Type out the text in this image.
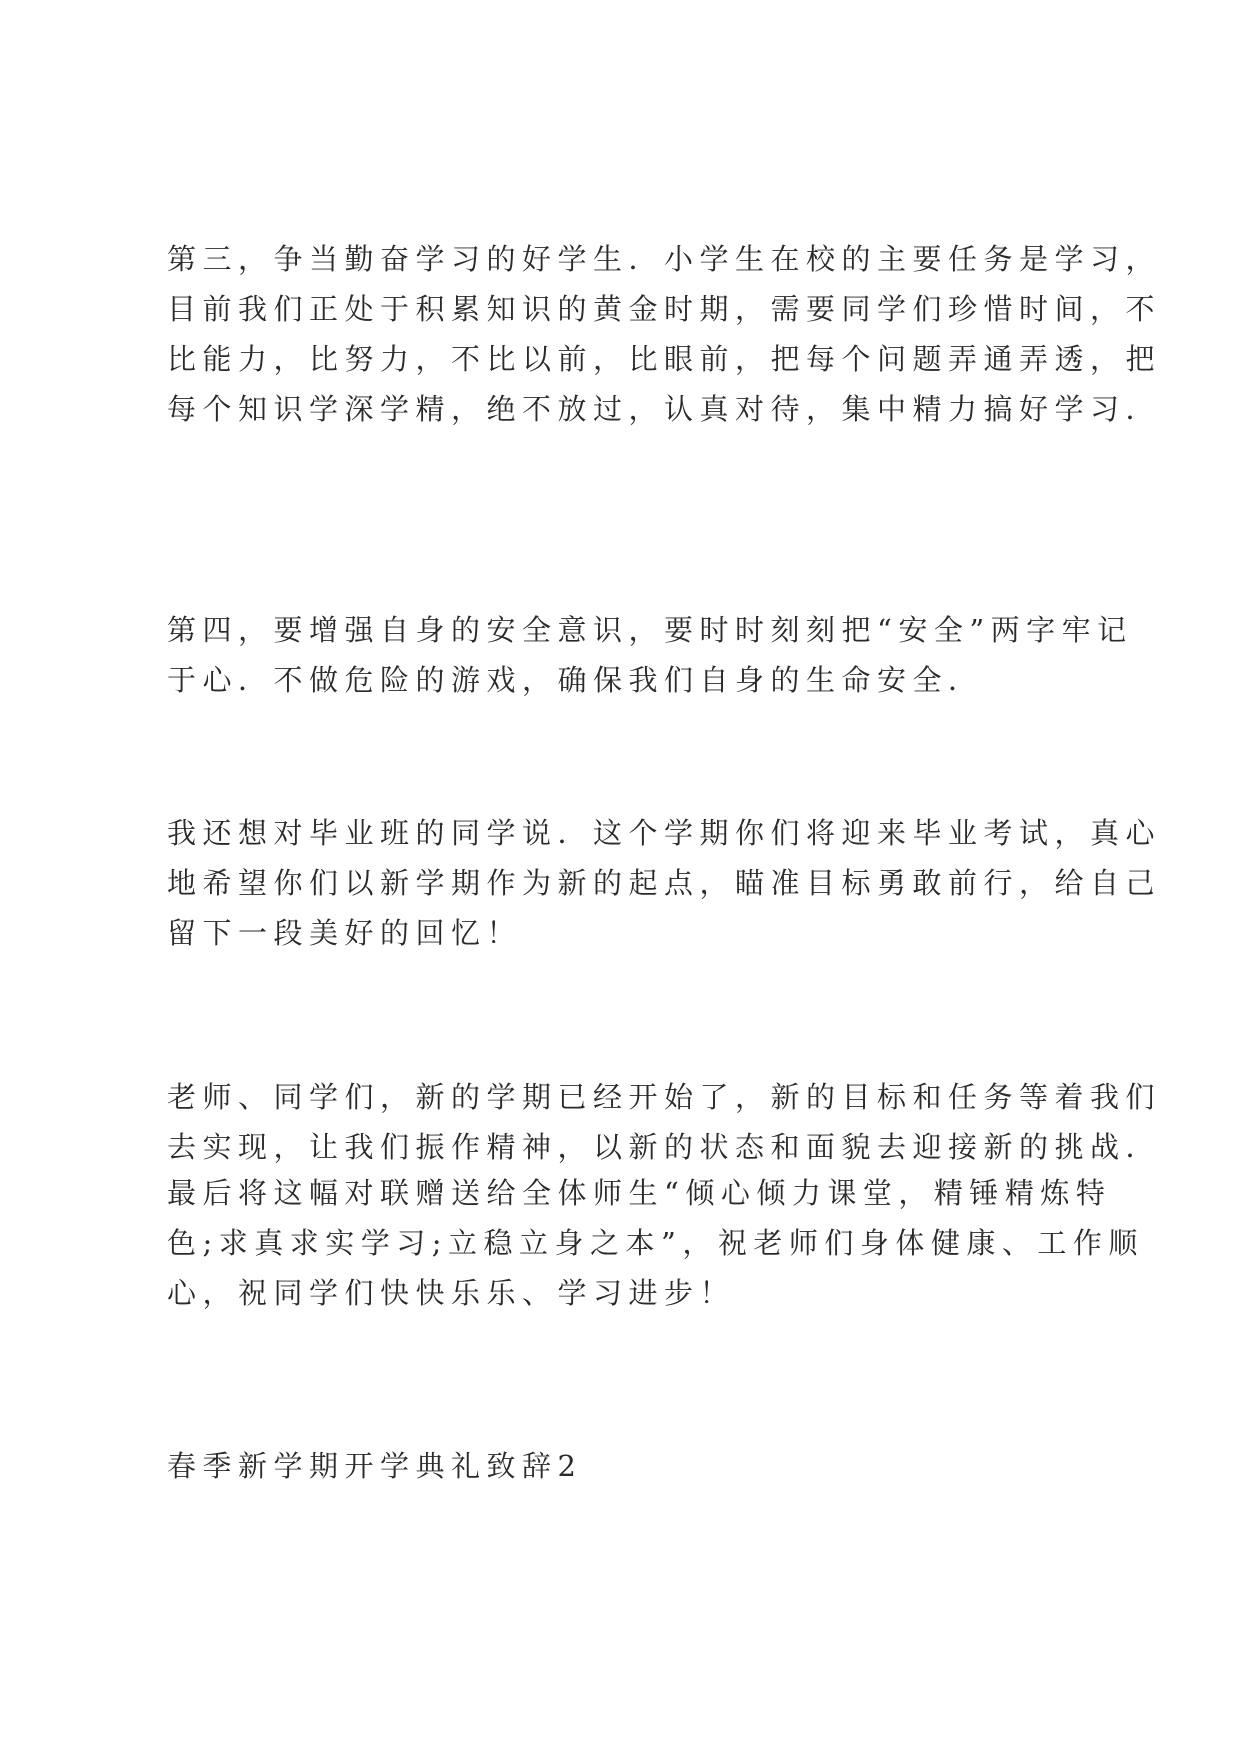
第三，争当勤奋学习的好学生．小学生在校的主要任务是学习，
目前我们正处于积累知识的黄金时期，需要同学们珍惜时间，不
比能力，比努力，不比以前，比眼前，把每个问题弄通弄透，把
每个知识学深学精，绝不放过，认真对待，集中精力搞好学习．
第四，要增强自身的安全意识，要时时刻刻把“安全”两字牢记
于心．不做危险的游戏，确保我们自身的生命安全．
我还想对毕业班的同学说．这个学期你们将迎来毕业考试，真心
地希望你们以新学期作为新的起点，瞄准目标勇敢前行，给自己
留下一段美好的回忆！
老师、同学们，新的学期已经开始了，新的目标和任务等着我们
去实现，让我们振作精神，以新的状态和面貌去迎接新的挑战．
最后将这幅对联赠送给全体师生“倾心倾力课堂，精锤精炼特
色;求真求实学习;立稳立身之本”，祝老师们身体健康、工作顺
心，祝同学们快快乐乐、学习进步！
春季新学期开学典礼致辞2
